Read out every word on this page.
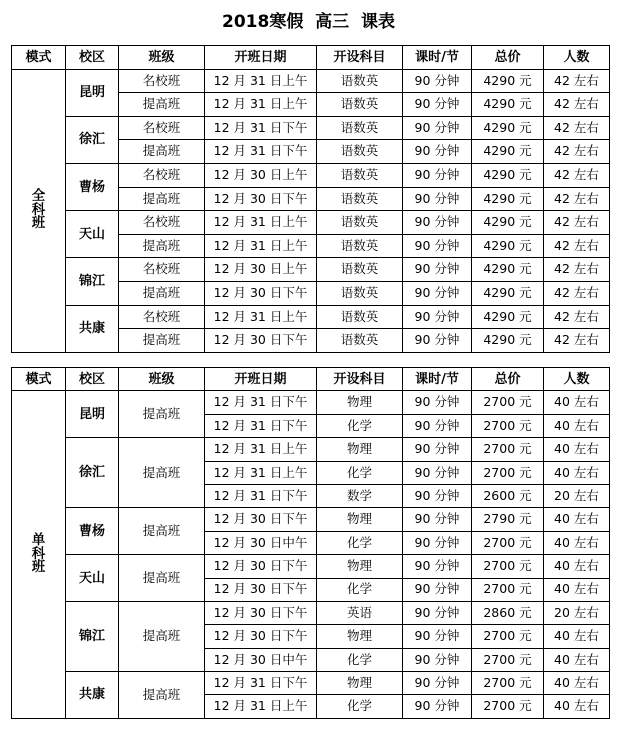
2018寒假  高三  课表
模式	校区	班级	开班日期	开设科目	课时/节	总价	人数

全
科
班	昆明	名校班	12 月 31 日上午	语数英	90 分钟	4290 元	42 左右
		提高班	12 月 31 日上午	语数英	90 分钟	4290 元	42 左右
	徐汇	名校班	12 月 31 日下午	语数英	90 分钟	4290 元	42 左右
		提高班	12 月 31 日下午	语数英	90 分钟	4290 元	42 左右
	曹杨	名校班	12 月 30 日上午	语数英	90 分钟	4290 元	42 左右
		提高班	12 月 30 日下午	语数英	90 分钟	4290 元	42 左右
	天山	名校班	12 月 31 日上午	语数英	90 分钟	4290 元	42 左右
		提高班	12 月 31 日上午	语数英	90 分钟	4290 元	42 左右
	锦江	名校班	12 月 30 日上午	语数英	90 分钟	4290 元	42 左右
		提高班	12 月 30 日下午	语数英	90 分钟	4290 元	42 左右
	共康	名校班	12 月 31 日上午	语数英	90 分钟	4290 元	42 左右
		提高班	12 月 30 日下午	语数英	90 分钟	4290 元	42 左右
模式	校区	班级	开班日期	开设科目	课时/节	总价	人数

单
科
班	昆明	提高班	12 月 31 日下午	物理	90 分钟	2700 元	40 左右
			12 月 31 日下午	化学	90 分钟	2700 元	40 左右
	徐汇	提高班	12 月 31 日上午	物理	90 分钟	2700 元	40 左右
			12 月 31 日上午	化学	90 分钟	2700 元	40 左右
			12 月 31 日下午	数学	90 分钟	2600 元	20 左右
	曹杨	提高班	12 月 30 日下午	物理	90 分钟	2790 元	40 左右
			12 月 30 日中午	化学	90 分钟	2700 元	40 左右
	天山	提高班	12 月 30 日下午	物理	90 分钟	2700 元	40 左右
			12 月 30 日下午	化学	90 分钟	2700 元	40 左右
	锦江	提高班	12 月 30 日下午	英语	90 分钟	2860 元	20 左右
			12 月 30 日下午	物理	90 分钟	2700 元	40 左右
			12 月 30 日中午	化学	90 分钟	2700 元	40 左右
	共康	提高班	12 月 31 日下午	物理	90 分钟	2700 元	40 左右
			12 月 31 日上午	化学	90 分钟	2700 元	40 左右
